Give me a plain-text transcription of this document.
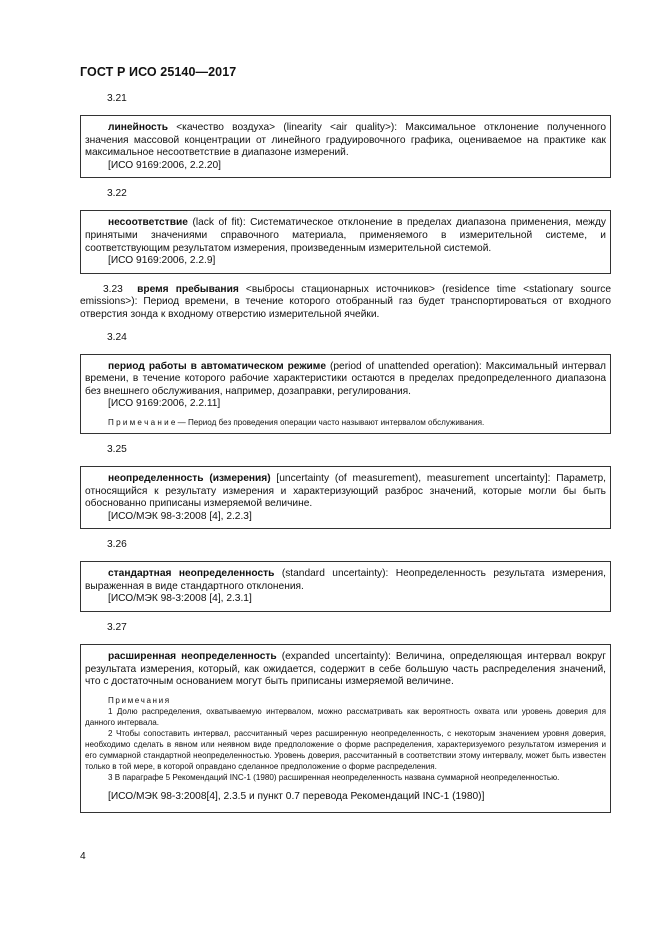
ГОСТ Р ИСО 25140—2017
3.21

линейность <качество воздуха> (linearity <air quality>): Максимальное отклонение полученного значения массовой концентрации от линейного градуировочного графика, оцениваемое на практике как максимальное несоответствие в диапазоне измерений.

[ИСО 9169:2006, 2.2.20]

3.22

несоответствие (lack of fit): Систематическое отклонение в пределах диапазона применения, между принятыми значениями справочного материала, применяемого в измерительной системе, и соответствующим результатом измерения, произведенным измерительной системой.

[ИСО 9169:2006, 2.2.9]

3.23 время пребывания <выбросы стационарных источников> (residence time <stationary source emissions>): Период времени, в течение которого отобранный газ будет транспортироваться от входного отверстия зонда к входному отверстию измерительной ячейки.

3.24

период работы в автоматическом режиме (period of unattended operation): Максимальный интервал времени, в течение которого рабочие характеристики остаются в пределах предопределенного диапазона без внешнего обслуживания, например, дозаправки, регулирования.

[ИСО 9169:2006, 2.2.11]

П р и м е ч а н и е — Период без проведения операции часто называют интервалом обслуживания.

3.25

неопределенность (измерения) [uncertainty (of measurement), measurement uncertainty]: Параметр, относящийся к результату измерения и характеризующий разброс значений, которые могли бы быть обоснованно приписаны измеряемой величине.

[ИСО/МЭК 98-3:2008 [4], 2.2.3]

3.26

стандартная неопределенность (standard uncertainty): Неопределенность результата измерения, выраженная в виде стандартного отклонения.

[ИСО/МЭК 98-3:2008 [4], 2.3.1]

3.27

расширенная неопределенность (expanded uncertainty): Величина, определяющая интервал вокруг результата измерения, который, как ожидается, содержит в себе большую часть распределения значений, что с достаточным основанием могут быть приписаны измеряемой величине.

Примечания

1 Долю распределения, охватываемую интервалом, можно рассматривать как вероятность охвата или уровень доверия для данного интервала.

2 Чтобы сопоставить интервал, рассчитанный через расширенную неопределенность, с некоторым значением уровня доверия, необходимо сделать в явном или неявном виде предположение о форме распределения, характеризуемого результатом измерения и его суммарной стандартной неопределенностью. Уровень доверия, рассчитанный в соответствии этому интервалу, может быть известен только в той мере, в которой оправдано сделанное предположение о форме распределения.

3 В параграфе 5 Рекомендаций INC-1 (1980) расширенная неопределенность названа суммарной неопределенностью.

[ИСО/МЭК 98-3:2008[4], 2.3.5 и пункт 0.7 перевода Рекомендаций INC-1 (1980)]

4
